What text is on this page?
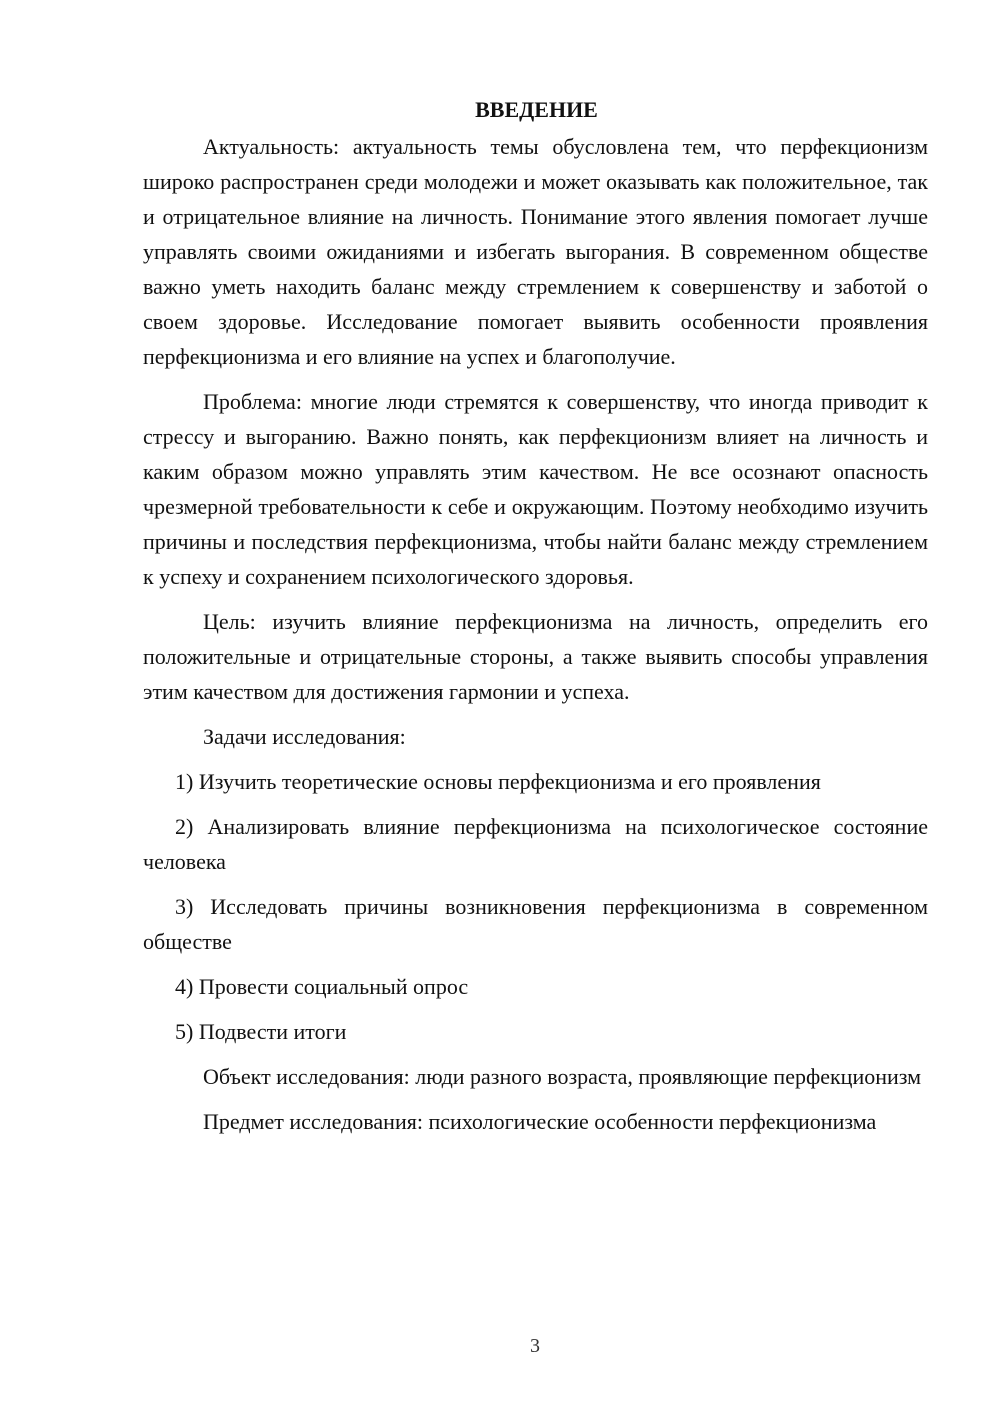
ВВЕДЕНИЕ

Актуальность: актуальность темы обусловлена тем, что перфекционизм широко распространен среди молодежи и может оказывать как положительное, так и отрицательное влияние на личность. Понимание этого явления помогает лучше управлять своими ожиданиями и избегать выгорания. В современном обществе важно уметь находить баланс между стремлением к совершенству и заботой о своем здоровье. Исследование помогает выявить особенности проявления перфекционизма и его влияние на успех и благополучие.

Проблема: многие люди стремятся к совершенству, что иногда приводит к стрессу и выгоранию. Важно понять, как перфекционизм влияет на личность и каким образом можно управлять этим качеством. Не все осознают опасность чрезмерной требовательности к себе и окружающим. Поэтому необходимо изучить причины и последствия перфекционизма, чтобы найти баланс между стремлением к успеху и сохранением психологического здоровья.

Цель: изучить влияние перфекционизма на личность, определить его положительные и отрицательные стороны, а также выявить способы управления этим качеством для достижения гармонии и успеха.

Задачи исследования:

1) Изучить теоретические основы перфекционизма и его проявления

2) Анализировать влияние перфекционизма на психологическое состояние человека

3) Исследовать причины возникновения перфекционизма в современном обществе

4) Провести социальный опрос

5) Подвести итоги

Объект исследования: люди разного возраста, проявляющие перфекционизм

Предмет исследования: психологические особенности перфекционизма

3
